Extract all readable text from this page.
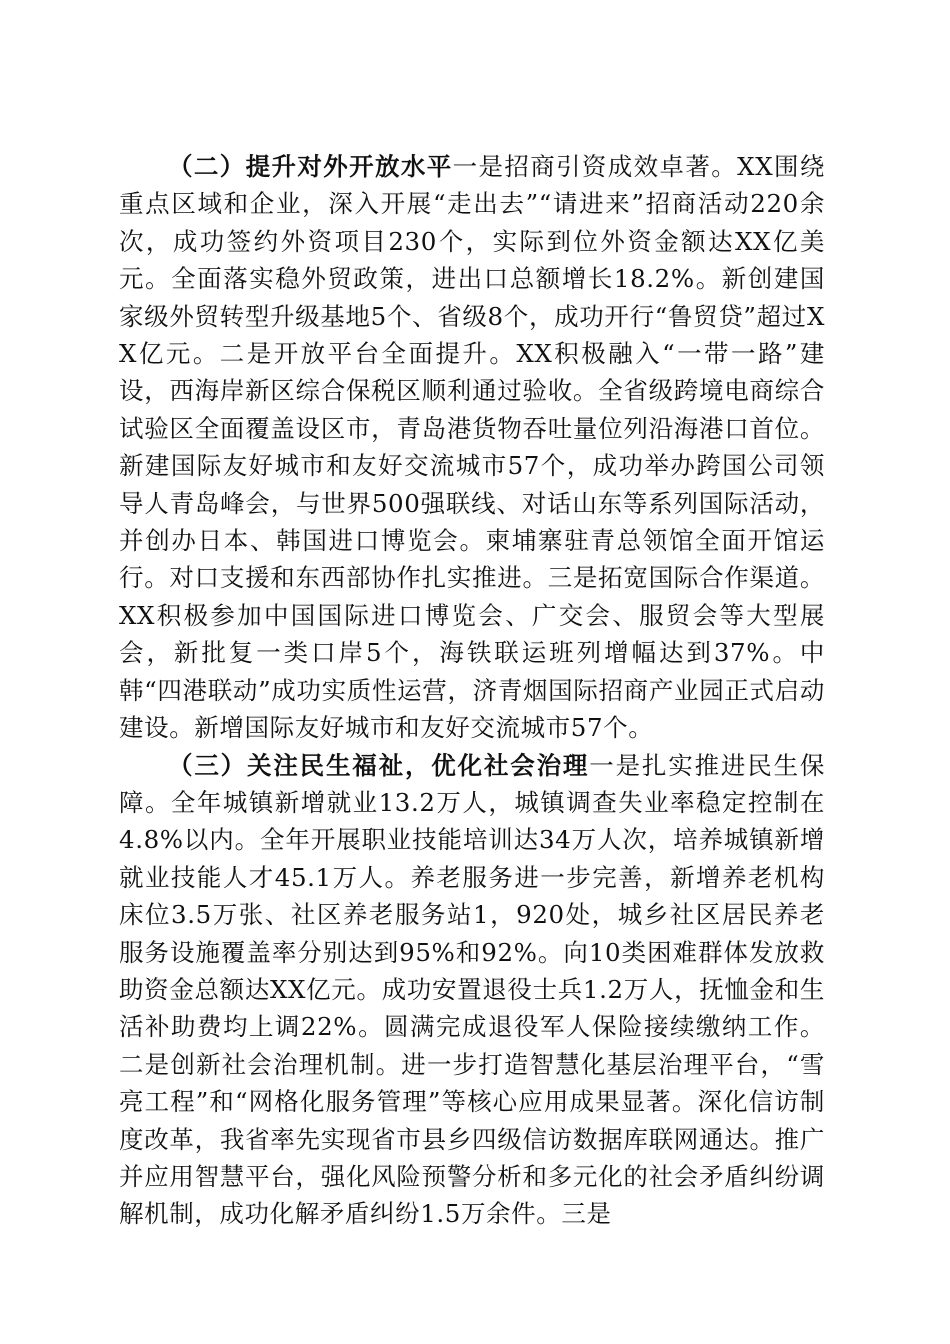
（二）提升对外开放水平一是招商引资成效卓著。XX围绕重点区域和企业，深入开展“走出去”“请进来”招商活动220余次，成功签约外资项目230个，实际到位外资金额达XX亿美元。全面落实稳外贸政策，进出口总额增长18.2%。新创建国家级外贸转型升级基地5个、省级8个，成功开行“鲁贸贷”超过XX亿元。二是开放平台全面提升。XX积极融入“一带一路”建设，西海岸新区综合保税区顺利通过验收。全省级跨境电商综合试验区全面覆盖设区市，青岛港货物吞吐量位列沿海港口首位。新建国际友好城市和友好交流城市57个，成功举办跨国公司领导人青岛峰会，与世界500强联线、对话山东等系列国际活动，并创办日本、韩国进口博览会。柬埔寨驻青总领馆全面开馆运行。对口支援和东西部协作扎实推进。三是拓宽国际合作渠道。XX积极参加中国国际进口博览会、广交会、服贸会等大型展会，新批复一类口岸5个，海铁联运班列增幅达到37%。中韩“四港联动”成功实质性运营，济青烟国际招商产业园正式启动建设。新增国际友好城市和友好交流城市57个。

（三）关注民生福祉，优化社会治理一是扎实推进民生保障。全年城镇新增就业13.2万人，城镇调查失业率稳定控制在4.8%以内。全年开展职业技能培训达34万人次，培养城镇新增就业技能人才45.1万人。养老服务进一步完善，新增养老机构床位3.5万张、社区养老服务站1，920处，城乡社区居民养老服务设施覆盖率分别达到95%和92%。向10类困难群体发放救助资金总额达XX亿元。成功安置退役士兵1.2万人，抚恤金和生活补助费均上调22%。圆满完成退役军人保险接续缴纳工作。二是创新社会治理机制。进一步打造智慧化基层治理平台，“雪亮工程”和“网格化服务管理”等核心应用成果显著。深化信访制度改革，我省率先实现省市县乡四级信访数据库联网通达。推广并应用智慧平台，强化风险预警分析和多元化的社会矛盾纠纷调解机制，成功化解矛盾纠纷1.5万余件。三是
